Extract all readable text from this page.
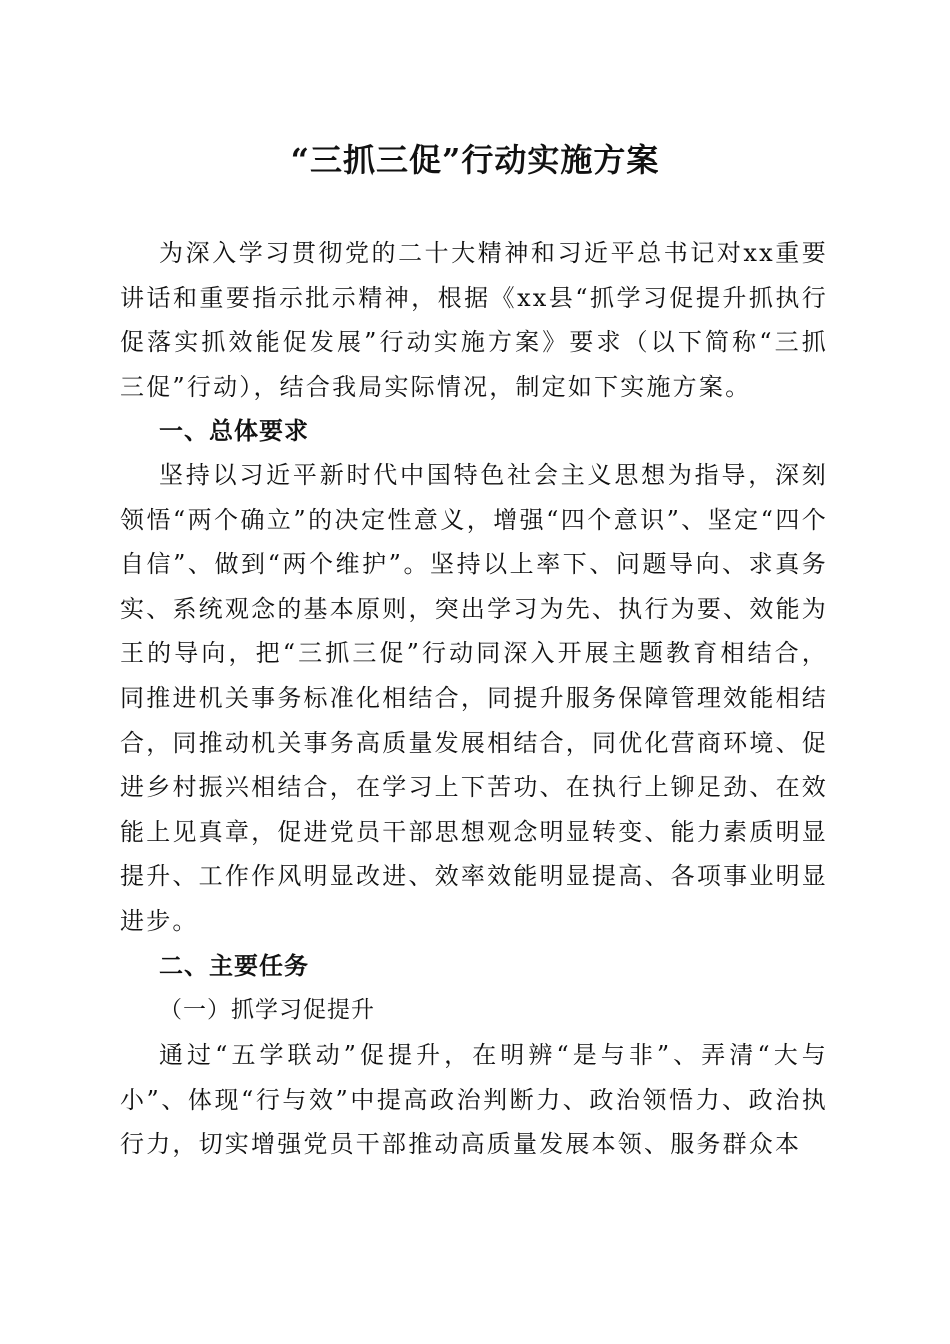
“三抓三促”行动实施方案

为深入学习贯彻党的二十大精神和习近平总书记对xx重要讲话和重要指示批示精神，根据《xx县“抓学习促提升抓执行促落实抓效能促发展”行动实施方案》要求（以下简称“三抓三促”行动），结合我局实际情况，制定如下实施方案。

一、总体要求

坚持以习近平新时代中国特色社会主义思想为指导，深刻领悟“两个确立”的决定性意义，增强“四个意识”、坚定“四个自信”、做到“两个维护”。坚持以上率下、问题导向、求真务实、系统观念的基本原则，突出学习为先、执行为要、效能为王的导向，把“三抓三促”行动同深入开展主题教育相结合，同推进机关事务标准化相结合，同提升服务保障管理效能相结合，同推动机关事务高质量发展相结合，同优化营商环境、促进乡村振兴相结合，在学习上下苦功、在执行上铆足劲、在效能上见真章，促进党员干部思想观念明显转变、能力素质明显提升、工作作风明显改进、效率效能明显提高、各项事业明显进步。

二、主要任务
（一）抓学习促提升

通过“五学联动”促提升，在明辨“是与非”、弄清“大与小”、体现“行与效”中提高政治判断力、政治领悟力、政治执行力，切实增强党员干部推动高质量发展本领、服务群众本
